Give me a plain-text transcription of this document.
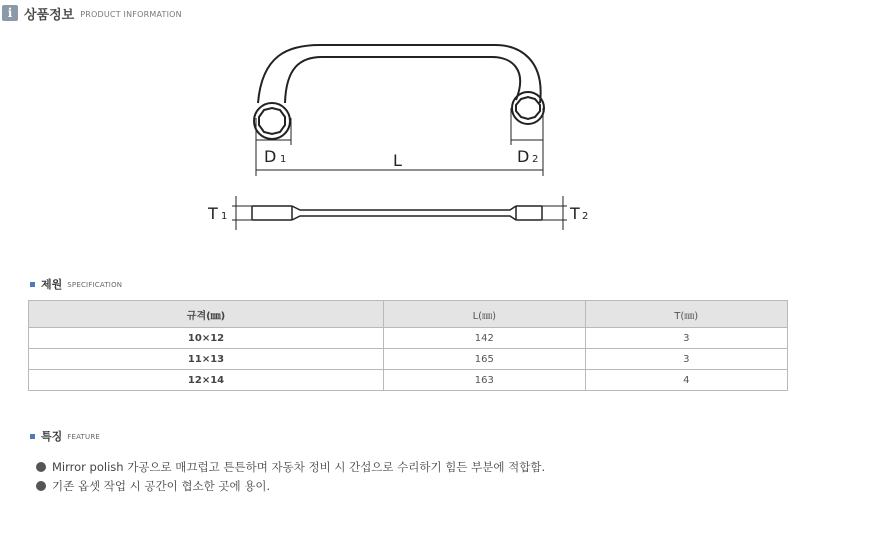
i 상품정보 PRODUCT INFORMATION
D 1	D 2
L
T 1	T 2
제원 SPECIFICATION
규격(㎜)	L(㎜)	T(㎜)
10×12	142	3
11×13	165	3
12×14	163	4
특징 FEATURE
Mirror polish 가공으로 매끄럽고 튼튼하며 자동차 정비 시 간섭으로 수리하기 힘든 부분에 적합함.
기존 옵셋 작업 시 공간이 협소한 곳에 용이.
